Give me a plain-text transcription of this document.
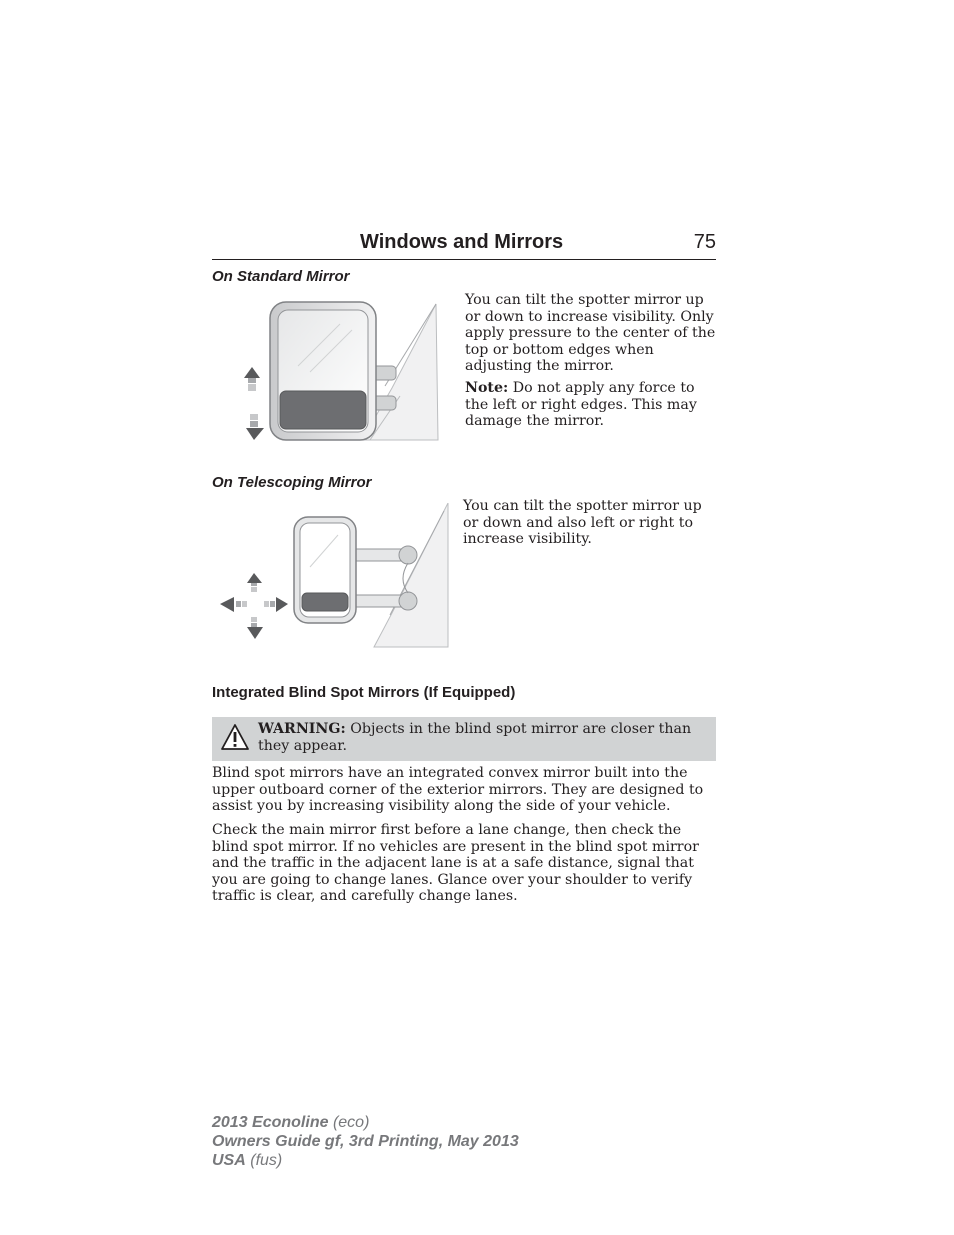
Windows and Mirrors	75
On Standard Mirror

You can tilt the spotter mirror up or down to increase visibility. Only apply pressure to the center of the top or bottom edges when adjusting the mirror.

Note: Do not apply any force to the left or right edges. This may damage the mirror.

On Telescoping Mirror

You can tilt the spotter mirror up or down and also left or right to increase visibility.

Integrated Blind Spot Mirrors (If Equipped)
WARNING: Objects in the blind spot mirror are closer than they appear.

Blind spot mirrors have an integrated convex mirror built into the upper outboard corner of the exterior mirrors. They are designed to assist you by increasing visibility along the side of your vehicle.

Check the main mirror first before a lane change, then check the blind spot mirror. If no vehicles are present in the blind spot mirror and the traffic in the adjacent lane is at a safe distance, signal that you are going to change lanes. Glance over your shoulder to verify traffic is clear, and carefully change lanes.

2013 Econoline (eco)
Owners Guide gf, 3rd Printing, May 2013
USA (fus)
